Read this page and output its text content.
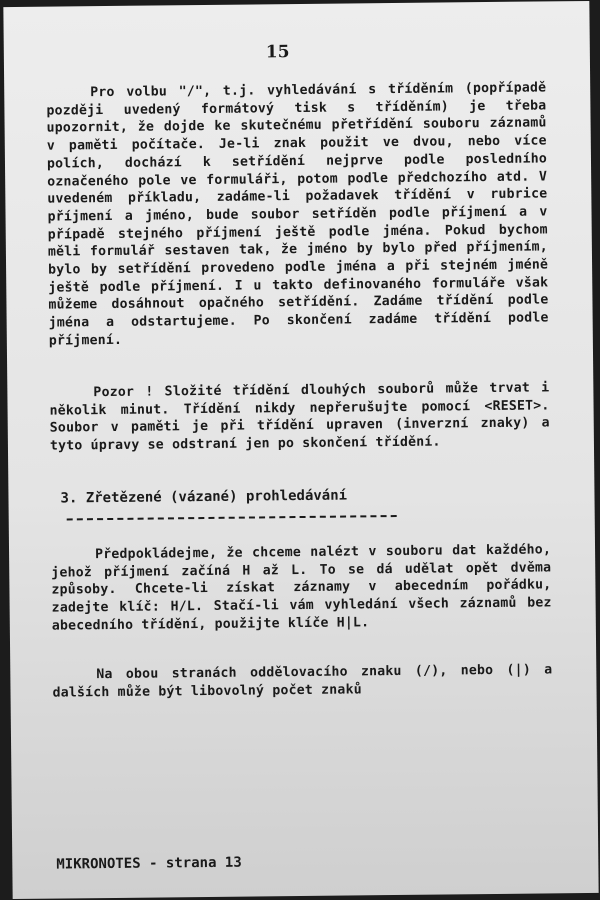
15
Pro volbu "/", t.j. vyhledávání s tříděním (popřípadě později uvedený formátový tisk s tříděním) je třeba upozornit, že dojde ke skutečnému přetřídění souboru záznamů v paměti počítače. Je-li znak použit ve dvou, nebo více polích, dochází k setřídění nejprve podle posledního označeného pole ve formuláři, potom podle předchozího atd. V uvedeném příkladu, zadáme-li požadavek třídění v rubrice příjmení a jméno, bude soubor setříděn podle příjmení a v případě stejného příjmení ještě podle jména. Pokud bychom měli formulář sestaven tak, že jméno by bylo před příjmením, bylo by setřídění provedeno podle jména a při stejném jméně ještě podle příjmení. I u takto definovaného formuláře však můžeme dosáhnout opačného setřídění. Zadáme třídění podle jména a odstartujeme. Po skončení zadáme třídění podle příjmení.
Pozor ! Složité třídění dlouhých souborů může trvat i několik minut. Třídění nikdy nepřerušujte pomocí <RESET>. Soubor v paměti je při třídění upraven (inverzní znaky) a tyto úpravy se odstraní jen po skončení třídění.
3. Zřetězené (vázané) prohledávání
Předpokládejme, že chceme nalézt v souboru dat každého, jehož příjmení začíná H až L. To se dá udělat opět dvěma způsoby. Chcete-li získat záznamy v abecedním pořádku, zadejte klíč: H/L. Stačí-li vám vyhledání všech záznamů bez abecedního třídění, použijte klíče H|L.
Na obou stranách oddělovacího znaku (/), nebo (|) a dalších může být libovolný počet znaků
MIKRONOTES - strana 13
